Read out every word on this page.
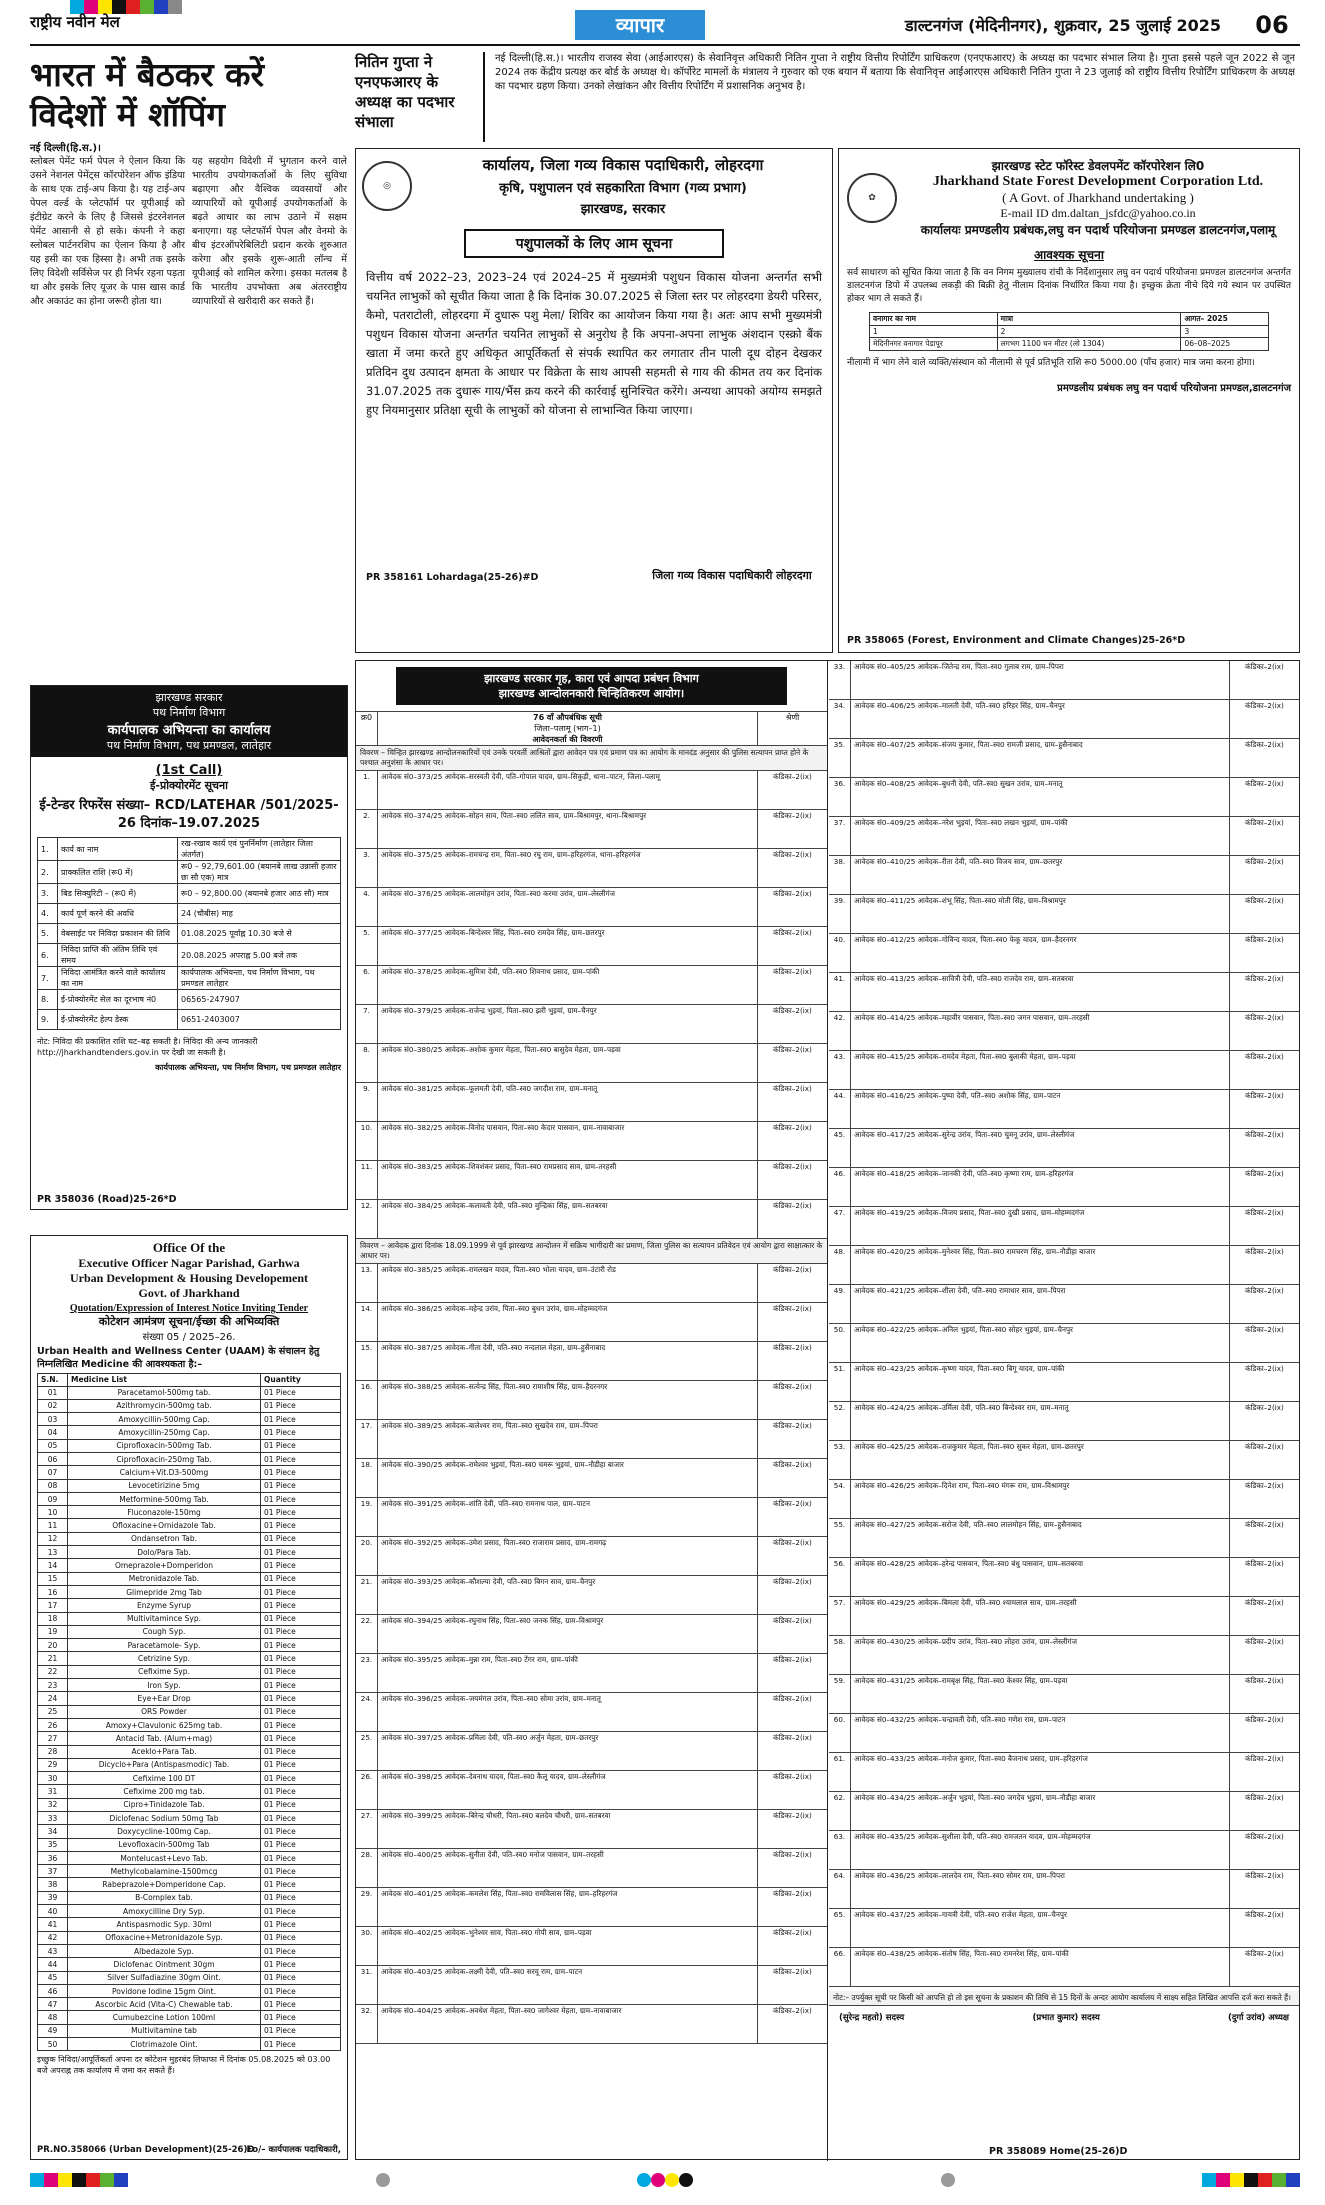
राष्ट्रीय नवीन मेल	व्यापार	डाल्टनगंज (मेदिनीनगर), शुक्रवार, 25 जुलाई 2025	06
भारत में बैठकर करें विदेशों में शॉपिंग
नई दिल्ली(हि.स.)।
स्लोबल पेमेंट फर्म पेपल ने ऐलान किया कि उसने नेशनल पेमेंट्स कॉरपोरेशन ऑफ इंडिया के साथ एक टाई-अप किया है। यह टाई-अप पेपल वर्ल्ड के प्लेटफॉर्म पर यूपीआई को इंटीग्रेट करने के लिए है जिससे इंटरनेशनल पेमेंट आसानी से हो सके। कंपनी ने कहा स्लोबल पार्टनरशिप का ऐलान किया है और यह इसी का एक हिस्सा है। अभी तक इसके लिए विदेशी सर्विसेज पर ही निर्भर रहना पड़ता था और इसके लिए यूजर के पास खास कार्ड और अकाउंट का होना जरूरी होता था।
यह सहयोग विदेशी में भुगतान करने वाले भारतीय उपयोगकर्ताओं के लिए सुविधा बढ़ाएगा और वैश्विक व्यवसायों और व्यापारियों को यूपीआई उपयोगकर्ताओं के बढ़ते आधार का लाभ उठाने में सक्षम बनाएगा। यह प्लेटफॉर्म पेपल और वेनमो के बीच इंटरऑपरेबिलिटी प्रदान करके शुरुआत करेगा और इसके शुरू-आती लॉन्च में यूपीआई को शामिल करेगा। इसका मतलब है कि भारतीय उपभोक्ता अब अंतरराष्ट्रीय व्यापारियों से खरीदारी कर सकते हैं।
नितिन गुप्ता ने एनएफआरए के अध्यक्ष का पदभार संभाला
नई दिल्ली(हि.स.)। भारतीय राजस्व सेवा (आईआरएस) के सेवानिवृत्त अधिकारी नितिन गुप्ता ने राष्ट्रीय वित्तीय रिपोर्टिंग प्राधिकरण (एनएफआरए) के अध्यक्ष का पदभार संभाल लिया है। गुप्ता इससे पहले जून 2022 से जून 2024 तक केंद्रीय प्रत्यक्ष कर बोर्ड के अध्यक्ष थे। कॉर्पोरेट मामलों के मंत्रालय ने गुरुवार को एक बयान में बताया कि सेवानिवृत्त आईआरएस अधिकारी नितिन गुप्ता ने 23 जुलाई को राष्ट्रीय वित्तीय रिपोर्टिंग प्राधिकरण के अध्यक्ष का पदभार ग्रहण किया। उनको लेखांकन और वित्तीय रिपोर्टिंग में प्रशासनिक अनुभव है।
◎
कार्यालय, जिला गव्य विकास पदाधिकारी, लोहरदगा
कृषि, पशुपालन एवं सहकारिता विभाग (गव्य प्रभाग)
झारखण्ड, सरकार
पशुपालकों के लिए आम सूचना
वित्तीय वर्ष 2022–23, 2023–24 एवं 2024–25 में मुख्यमंत्री पशुधन विकास योजना अन्तर्गत सभी चयनित लाभुकों को सूचीत किया जाता है कि दिनांक 30.07.2025 से जिला स्तर पर लोहरदगा डेयरी परिसर, कैमो, पतराटोली, लोहरदगा में दुधारू पशु मेला/ शिविर का आयोजन किया गया है। अतः आप सभी मुख्यमंत्री पशुधन विकास योजना अन्तर्गत चयनित लाभुकों से अनुरोध है कि अपना-अपना लाभुक अंशदान एस्क्रो बैंक खाता में जमा करते हुए अधिकृत आपूर्तिकर्ता से संपर्क स्थापित कर लगातार तीन पाली दूध दोहन देखकर प्रतिदिन दुध उत्पादन क्षमता के आधार पर विक्रेता के साथ आपसी सहमती से गाय की कीमत तय कर दिनांक 31.07.2025 तक दुधारू गाय/भैंस क्रय करने की कार्रवाई सुनिश्चित करेंगे। अन्यथा आपको अयोग्य समझते हुए नियमानुसार प्रतिक्षा सूची के लाभुकों को योजना से लाभान्वित किया जाएगा।
PR 358161 Lohardaga(25-26)#D	जिला गव्य विकास पदाधिकारी लोहरदगा
✿
झारखण्ड स्टेट फॉरेस्ट डेवलपमेंट कॉरपोरेशन लि0
Jharkhand State Forest Development Corporation Ltd.
( A Govt. of Jharkhand undertaking )
E-mail ID dm.daltan_jsfdc@yahoo.co.in
कार्यालयः प्रमण्डलीय प्रबंधक,लघु वन पदार्थ परियोजना प्रमण्डल डालटनगंज,पलामू
आवश्यक सूचना
सर्व साधारण को सूचित किया जाता है कि वन निगम मुख्यालय रांची के निर्देशानुसार लघु वन पदार्थ परियोजना प्रमण्डल डालटनगंज अन्तर्गत डालटनगंज डिपो में उपलब्ध लकड़ी की बिक्री हेतु नीलाम दिनांक निर्धारित किया गया है। इच्छुक क्रेता नीचे दिये गये स्थान पर उपस्थित होकर भाग ले सकते हैं।
वनागार का नाम	मात्रा	आगत– 2025
1	2	3
मेदिनीनगर वनागार पेडापूर	लगभग 1100 घन मीटर (लो 1304)	06–08–2025
नीलामी में भाग लेने वाले व्यक्ति/संस्थान को नीलामी से पूर्व प्रतिभूति राशि रू0 5000.00 (पाँच हजार) मात्र जमा करना होगा।
प्रमण्डलीय प्रबंधक लघु वन पदार्थ परियोजना प्रमण्डल,डालटनगंज
PR 358065 (Forest, Environment and Climate Changes)25-26*D
झारखण्ड सरकार
पथ निर्माण विभाग
कार्यपालक अभियन्ता का कार्यालय
पथ निर्माण विभाग, पथ प्रमण्डल, लातेहार
(1st Call)
ई-प्रोक्योरमेंट सूचना
ई-टेन्डर रिफरेंस संख्या– RCD/LATEHAR /501/2025-26 दिनांक–19.07.2025
1.	कार्य का नाम	रख-रखाव कार्य एवं पुनर्निर्माण (लातेहार जिला अंतर्गत)
2.	प्राक्कलित राशि (रू0 में)	रू0 – 92,79,601.00 (बयानबे लाख उन्नासी हजार छः सौ एक) मात्र
3.	बिड सिक्युरिटी – (रू0 में)	रू0 – 92,800.00 (बयानबे हजार आठ सौ) मात्र
4.	कार्य पूर्ण करने की अवधि	24 (चौबीस) माह
5.	वेबसाईट पर निविदा प्रकाशन की तिथि	01.08.2025 पूर्वाह्न 10.30 बजे से
6.	निविदा प्राप्ति की अंतिम तिथि एवं समय	20.08.2025 अपराह्न 5.00 बजे तक
7.	निविदा आमंत्रित करने वाले कार्यालय का नाम	कार्यपालक अभियन्ता, पथ निर्माण विभाग, पथ प्रमण्डल लातेहार
8.	ई-प्रोक्योरमेंट सेल का दूरभाष नं0	06565-247907
9.	ई-प्रोक्योरमेंट हेल्प डेस्क	0651-2403007
नोट: निविदा की प्रकाशित राशि घट–बढ़ सकती है। निविदा की अन्य जानकारी http://jharkhandtenders.gov.in पर देखी जा सकती है।
कार्यपालक अभियन्ता, पथ निर्माण विभाग, पथ प्रमण्डल लातेहार
PR 358036 (Road)25-26*D
Office Of the
Executive Officer Nagar Parishad, Garhwa
Urban Development & Housing Developement
Govt. of Jharkhand
Quotation/Expression of Interest Notice Inviting Tender
कोटेशन आमंत्रण सूचना/ईच्छा की अभिव्यक्ति
संख्या 05 / 2025–26.
Urban Health and Wellness Center (UAAM) के संचालन हेतु निम्नलिखित Medicine की आवश्यकता है:–
S.N.	Medicine List	Quantity
01	Paracetamol-500mg tab.	01 Piece
02	Azithromycin-500mg tab.	01 Piece
03	Amoxycillin-500mg Cap.	01 Piece
04	Amoxycillin-250mg Cap.	01 Piece
05	Ciprofloxacin-500mg Tab.	01 Piece
06	Ciprofloxacin-250mg Tab.	01 Piece
07	Calcium+Vit.D3-500mg	01 Piece
08	Levocetirizine 5mg	01 Piece
09	Metformine-500mg Tab.	01 Piece
10	Fluconazole-150mg	01 Piece
11	Ofloxacine+Ornidazole Tab.	01 Piece
12	Ondansetron Tab.	01 Piece
13	Dolo/Para Tab.	01 Piece
14	Omeprazole+Domperidon	01 Piece
15	Metronidazole Tab.	01 Piece
16	Glimepride 2mg Tab	01 Piece
17	Enzyme Syrup	01 Piece
18	Multivitamince Syp.	01 Piece
19	Cough Syp.	01 Piece
20	Paracetamole- Syp.	01 Piece
21	Cetrizine Syp.	01 Piece
22	Cefixime Syp.	01 Piece
23	Iron Syp.	01 Piece
24	Eye+Ear Drop	01 Piece
25	ORS Powder	01 Piece
26	Amoxy+Clavulonic 625mg tab.	01 Piece
27	Antacid Tab. (Alum+mag)	01 Piece
28	Aceklo+Para Tab.	01 Piece
29	Dicyclo+Para (Antispasmodic) Tab.	01 Piece
30	Cefixime 100 DT	01 Piece
31	Cefixime 200 mg tab.	01 Piece
32	Cipro+Tinidazole Tab.	01 Piece
33	Diclofenac Sodium 50mg Tab	01 Piece
34	Doxycycline-100mg Cap.	01 Piece
35	Levofloxacin-500mg Tab	01 Piece
36	Montelucast+Levo Tab.	01 Piece
37	Methylcobalamine-1500mcg	01 Piece
38	Rabeprazole+Domperidone Cap.	01 Piece
39	B-Complex tab.	01 Piece
40	Amoxycilline Dry Syp.	01 Piece
41	Antispasmodic Syp. 30ml	01 Piece
42	Ofloxacine+Metronidazole Syp.	01 Piece
43	Albedazole Syp.	01 Piece
44	Diclofenac Ointment 30gm	01 Piece
45	Silver Sulfadiazine 30gm Oint.	01 Piece
46	Povidone Iodine 15gm Oint.	01 Piece
47	Ascorbic Acid (Vita-C) Chewable tab.	01 Piece
48	Cumubezcine Lotion 100ml	01 Piece
49	Multivitamine tab	01 Piece
50	Clotrimazole Oint.	01 Piece
इच्छुक निविदा/आपूर्तिकर्ता अपना दर कोटेशन मुहरबंद लिफाफा में दिनांक 05.08.2025 को 03.00 बजे अपराह्न तक कार्यालय में जमा कर सकते हैं।
PR.NO.358066 (Urban Development)(25-26)D
Eo/– कार्यपालक पदाधिकारी,
झारखण्ड सरकार गृह, कारा एवं आपदा प्रबंधन विभाग
झारखण्ड आन्दोलनकारी चिन्हितिकरण आयोग।
क्र0	76 वाँ औपबंधिक सूची
जिला–पलामू (भाग–1)
आवेदनकर्ता की विवरणी
श्रेणी
विवरण – चिन्हित झारखण्ड आन्दोलनकारियों एवं उनके परवर्ती आश्रितों द्वारा आवेदन पत्र एवं प्रमाण पत्र का आयोग के मानदंड अनुसार की पुलिस सत्यापन प्राप्त होने के पश्चात अनुशंसा के आधार पर।
1.	आवेदक सं0–373/25 आवेदक–सरस्वती देवी, पति–गोपाल यादव, ग्राम–सिकुड़ी, थाना–पाटन, जिला–पलामू	कंडिका–2(ix)
2.	आवेदक सं0–374/25 आवेदक–सोहन साव, पिता–स्व0 ललित साव, ग्राम–बिश्रामपुर, थाना–बिश्रामपुर	कंडिका–2(ix)
3.	आवेदक सं0–375/25 आवेदक–रामचन्द्र राम, पिता–स्व0 रघु राम, ग्राम–हरिहरगंज, थाना–हरिहरगंज	कंडिका–2(ix)
4.	आवेदक सं0–376/25 आवेदक–लालमोहन उरांव, पिता–स्व0 करमा उरांव, ग्राम–लेस्लीगंज	कंडिका–2(ix)
5.	आवेदक सं0–377/25 आवेदक–बिन्देश्वर सिंह, पिता–स्व0 रामदेव सिंह, ग्राम–छतरपुर	कंडिका–2(ix)
6.	आवेदक सं0–378/25 आवेदक–सुमित्रा देवी, पति–स्व0 शिवनाथ प्रसाद, ग्राम–पांकी	कंडिका–2(ix)
7.	आवेदक सं0–379/25 आवेदक–राजेन्द्र भुइयां, पिता–स्व0 झरी भुइयां, ग्राम–चैनपुर	कंडिका–2(ix)
8.	आवेदक सं0–380/25 आवेदक–अशोक कुमार मेहता, पिता–स्व0 बासुदेव मेहता, ग्राम–पड़वा	कंडिका–2(ix)
9.	आवेदक सं0–381/25 आवेदक–फूलमती देवी, पति–स्व0 जगदीश राम, ग्राम–मनातू	कंडिका–2(ix)
10.	आवेदक सं0–382/25 आवेदक–विनोद पासवान, पिता–स्व0 केदार पासवान, ग्राम–नावाबाजार	कंडिका–2(ix)
11.	आवेदक सं0–383/25 आवेदक–शिवशंकर प्रसाद, पिता–स्व0 रामप्रसाद साव, ग्राम–तरहसी	कंडिका–2(ix)
12.	आवेदक सं0–384/25 आवेदक–कलावती देवी, पति–स्व0 मुन्द्रिका सिंह, ग्राम–सतबरवा	कंडिका–2(ix)
विवरण – आवेदक द्वारा दिनांक 18.09.1999 से पूर्व झारखण्ड आन्दोलन में सक्रिय भागीदारी का प्रमाण, जिला पुलिस का सत्यापन प्रतिवेदन एवं आयोग द्वारा साक्षात्कार के आधार पर।
13.	आवेदक सं0–385/25 आवेदक–रामलखन यादव, पिता–स्व0 भोला यादव, ग्राम–उंटारी रोड	कंडिका–2(ix)
14.	आवेदक सं0–386/25 आवेदक–महेन्द्र उरांव, पिता–स्व0 बुधन उरांव, ग्राम–मोहम्मदगंज	कंडिका–2(ix)
15.	आवेदक सं0–387/25 आवेदक–गीता देवी, पति–स्व0 नन्दलाल मेहता, ग्राम–हुसैनाबाद	कंडिका–2(ix)
16.	आवेदक सं0–388/25 आवेदक–सत्येन्द्र सिंह, पिता–स्व0 रामाशीष सिंह, ग्राम–हैदरनगर	कंडिका–2(ix)
17.	आवेदक सं0–389/25 आवेदक–बालेश्वर राम, पिता–स्व0 सुखदेव राम, ग्राम–पिपरा	कंडिका–2(ix)
18.	आवेदक सं0–390/25 आवेदक–रामेश्वर भुइयां, पिता–स्व0 चमरू भुइयां, ग्राम–नौडीहा बाजार	कंडिका–2(ix)
19.	आवेदक सं0–391/25 आवेदक–शांति देवी, पति–स्व0 रामनाथ पाल, ग्राम–पाटन	कंडिका–2(ix)
20.	आवेदक सं0–392/25 आवेदक–उमेश प्रसाद, पिता–स्व0 राजाराम प्रसाद, ग्राम–रामगढ़	कंडिका–2(ix)
21.	आवेदक सं0–393/25 आवेदक–कौशल्या देवी, पति–स्व0 बिगन साव, ग्राम–चैनपुर	कंडिका–2(ix)
22.	आवेदक सं0–394/25 आवेदक–रघुनाथ सिंह, पिता–स्व0 जनक सिंह, ग्राम–विश्रामपुर	कंडिका–2(ix)
23.	आवेदक सं0–395/25 आवेदक–मुन्ना राम, पिता–स्व0 टेंगर राम, ग्राम–पांकी	कंडिका–2(ix)
24.	आवेदक सं0–396/25 आवेदक–जयमंगल उरांव, पिता–स्व0 सोमा उरांव, ग्राम–मनातू	कंडिका–2(ix)
25.	आवेदक सं0–397/25 आवेदक–प्रमिला देवी, पति–स्व0 अर्जुन मेहता, ग्राम–छतरपुर	कंडिका–2(ix)
26.	आवेदक सं0–398/25 आवेदक–देवनाथ यादव, पिता–स्व0 कैलू यादव, ग्राम–लेस्लीगंज	कंडिका–2(ix)
27.	आवेदक सं0–399/25 आवेदक–बिरेन्द्र चौधरी, पिता–स्व0 बलदेव चौधरी, ग्राम–सतबरवा	कंडिका–2(ix)
28.	आवेदक सं0–400/25 आवेदक–सुनीता देवी, पति–स्व0 मनोज पासवान, ग्राम–तरहसी	कंडिका–2(ix)
29.	आवेदक सं0–401/25 आवेदक–कमलेश सिंह, पिता–स्व0 रामविलास सिंह, ग्राम–हरिहरगंज	कंडिका–2(ix)
30.	आवेदक सं0–402/25 आवेदक–भुनेश्वर साव, पिता–स्व0 गोपी साव, ग्राम–पड़वा	कंडिका–2(ix)
31.	आवेदक सं0–403/25 आवेदक–लक्ष्मी देवी, पति–स्व0 सरयू राम, ग्राम–पाटन	कंडिका–2(ix)
32.	आवेदक सं0–404/25 आवेदक–अवधेश मेहता, पिता–स्व0 जागेश्वर मेहता, ग्राम–नावाबाजार	कंडिका–2(ix)
33.	आवेदक सं0–405/25 आवेदक–जितेन्द्र राम, पिता–स्व0 गुलाब राम, ग्राम–पिपरा	कंडिका–2(ix)
34.	आवेदक सं0–406/25 आवेदक–मालती देवी, पति–स्व0 हरिहर सिंह, ग्राम–चैनपुर	कंडिका–2(ix)
35.	आवेदक सं0–407/25 आवेदक–संजय कुमार, पिता–स्व0 रामजी प्रसाद, ग्राम–हुसैनाबाद	कंडिका–2(ix)
36.	आवेदक सं0–408/25 आवेदक–बुधनी देवी, पति–स्व0 सुखन उरांव, ग्राम–मनातू	कंडिका–2(ix)
37.	आवेदक सं0–409/25 आवेदक–नरेश भुइयां, पिता–स्व0 लखन भुइयां, ग्राम–पांकी	कंडिका–2(ix)
38.	आवेदक सं0–410/25 आवेदक–रीता देवी, पति–स्व0 विजय साव, ग्राम–छतरपुर	कंडिका–2(ix)
39.	आवेदक सं0–411/25 आवेदक–शंभू सिंह, पिता–स्व0 मोती सिंह, ग्राम–विश्रामपुर	कंडिका–2(ix)
40.	आवेदक सं0–412/25 आवेदक–गोविन्द यादव, पिता–स्व0 फेकू यादव, ग्राम–हैदरनगर	कंडिका–2(ix)
41.	आवेदक सं0–413/25 आवेदक–सावित्री देवी, पति–स्व0 राजदेव राम, ग्राम–सतबरवा	कंडिका–2(ix)
42.	आवेदक सं0–414/25 आवेदक–महावीर पासवान, पिता–स्व0 जगन पासवान, ग्राम–तरहसी	कंडिका–2(ix)
43.	आवेदक सं0–415/25 आवेदक–रामदेव मेहता, पिता–स्व0 बुलाकी मेहता, ग्राम–पड़वा	कंडिका–2(ix)
44.	आवेदक सं0–416/25 आवेदक–पुष्पा देवी, पति–स्व0 अशोक सिंह, ग्राम–पाटन	कंडिका–2(ix)
45.	आवेदक सं0–417/25 आवेदक–सुरेन्द्र उरांव, पिता–स्व0 चुमनू उरांव, ग्राम–लेस्लीगंज	कंडिका–2(ix)
46.	आवेदक सं0–418/25 आवेदक–जानकी देवी, पति–स्व0 कृष्णा राम, ग्राम–हरिहरगंज	कंडिका–2(ix)
47.	आवेदक सं0–419/25 आवेदक–विजय प्रसाद, पिता–स्व0 दुखी प्रसाद, ग्राम–मोहम्मदगंज	कंडिका–2(ix)
48.	आवेदक सं0–420/25 आवेदक–मुनेश्वर सिंह, पिता–स्व0 रामचरण सिंह, ग्राम–नौडीहा बाजार	कंडिका–2(ix)
49.	आवेदक सं0–421/25 आवेदक–शीला देवी, पति–स्व0 रामाधार साव, ग्राम–पिपरा	कंडिका–2(ix)
50.	आवेदक सं0–422/25 आवेदक–अनिल भुइयां, पिता–स्व0 सोहर भुइयां, ग्राम–चैनपुर	कंडिका–2(ix)
51.	आवेदक सं0–423/25 आवेदक–कृष्णा यादव, पिता–स्व0 बिगू यादव, ग्राम–पांकी	कंडिका–2(ix)
52.	आवेदक सं0–424/25 आवेदक–उर्मिला देवी, पति–स्व0 बिन्देश्वर राम, ग्राम–मनातू	कंडिका–2(ix)
53.	आवेदक सं0–425/25 आवेदक–राजकुमार मेहता, पिता–स्व0 सुकर मेहता, ग्राम–छतरपुर	कंडिका–2(ix)
54.	आवेदक सं0–426/25 आवेदक–दिनेश राम, पिता–स्व0 मंगरू राम, ग्राम–विश्रामपुर	कंडिका–2(ix)
55.	आवेदक सं0–427/25 आवेदक–सरोज देवी, पति–स्व0 लालमोहन सिंह, ग्राम–हुसैनाबाद	कंडिका–2(ix)
56.	आवेदक सं0–428/25 आवेदक–हरेन्द्र पासवान, पिता–स्व0 बंधु पासवान, ग्राम–सतबरवा	कंडिका–2(ix)
57.	आवेदक सं0–429/25 आवेदक–बिमला देवी, पति–स्व0 श्यामलाल साव, ग्राम–तरहसी	कंडिका–2(ix)
58.	आवेदक सं0–430/25 आवेदक–प्रदीप उरांव, पिता–स्व0 लोहरा उरांव, ग्राम–लेस्लीगंज	कंडिका–2(ix)
59.	आवेदक सं0–431/25 आवेदक–रामबृक्ष सिंह, पिता–स्व0 केश्वर सिंह, ग्राम–पड़वा	कंडिका–2(ix)
60.	आवेदक सं0–432/25 आवेदक–चन्द्रावती देवी, पति–स्व0 गणेश राम, ग्राम–पाटन	कंडिका–2(ix)
61.	आवेदक सं0–433/25 आवेदक–मनोज कुमार, पिता–स्व0 बैजनाथ प्रसाद, ग्राम–हरिहरगंज	कंडिका–2(ix)
62.	आवेदक सं0–434/25 आवेदक–अर्जुन भुइयां, पिता–स्व0 जगदेव भुइयां, ग्राम–नौडीहा बाजार	कंडिका–2(ix)
63.	आवेदक सं0–435/25 आवेदक–सुशीला देवी, पति–स्व0 रामजतन यादव, ग्राम–मोहम्मदगंज	कंडिका–2(ix)
64.	आवेदक सं0–436/25 आवेदक–लालदेव राम, पिता–स्व0 सोमर राम, ग्राम–पिपरा	कंडिका–2(ix)
65.	आवेदक सं0–437/25 आवेदक–गायत्री देवी, पति–स्व0 राजेश मेहता, ग्राम–चैनपुर	कंडिका–2(ix)
66.	आवेदक सं0–438/25 आवेदक–संतोष सिंह, पिता–स्व0 रामनरेश सिंह, ग्राम–पांकी	कंडिका–2(ix)
नोट:– उपर्युक्त सूची पर किसी को आपत्ति हो तो इस सूचना के प्रकाशन की तिथि से 15 दिनों के अन्दर आयोग कार्यालय में साक्ष्य सहित लिखित आपत्ति दर्ज करा सकते हैं।
(सुरेन्द्र महतो) सदस्य	(प्रभात कुमार) सदस्य	(दुर्गा उरांव) अध्यक्ष
PR 358089 Home(25-26)D
